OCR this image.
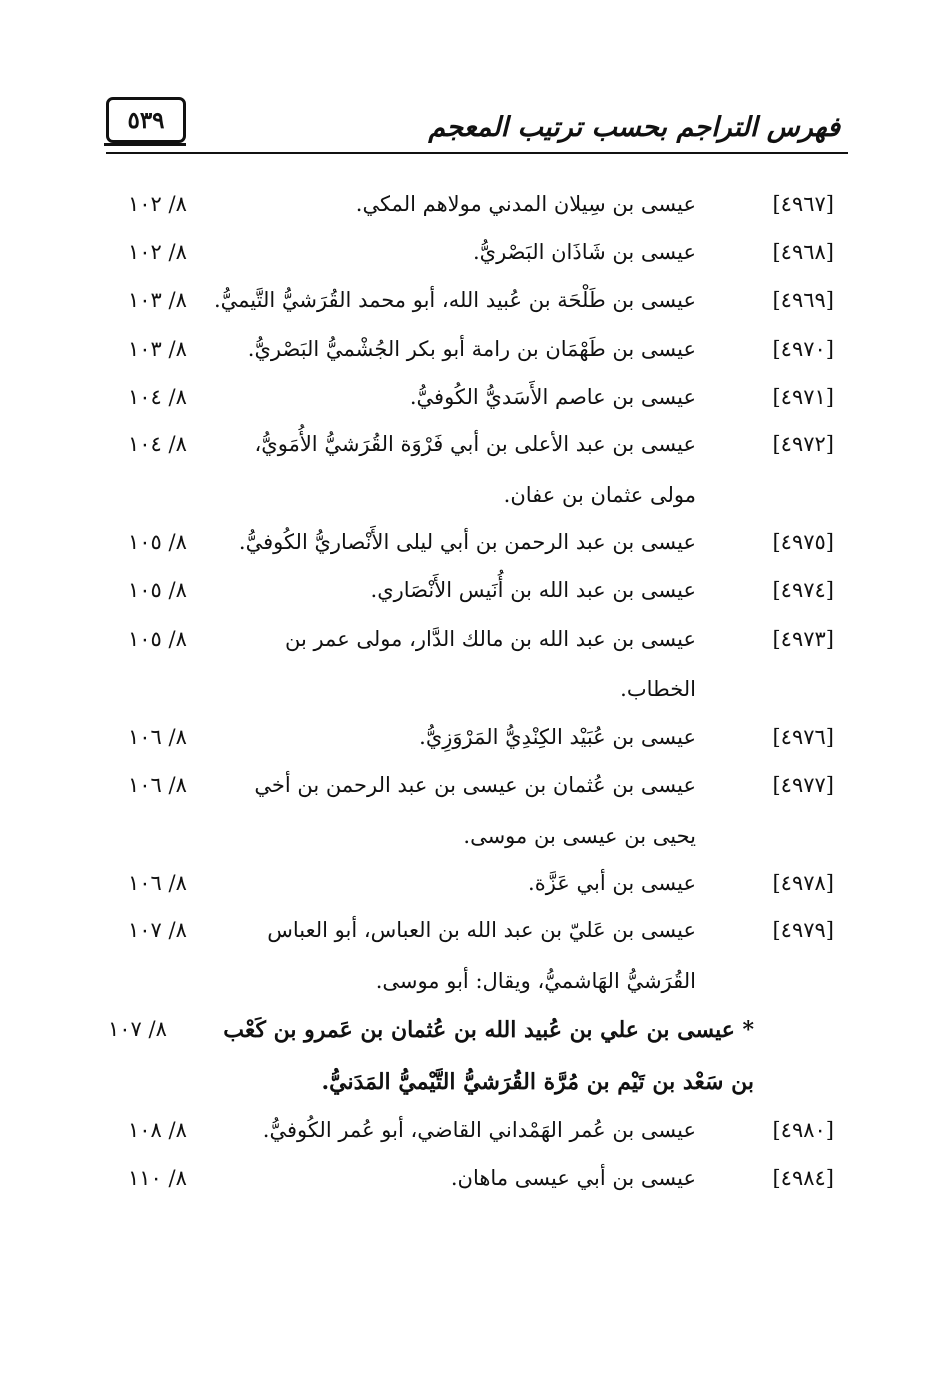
فهرس التراجم بحسب ترتيب المعجم
٥٣٩
[٤٩٦٧]
عيسى بن سِيلان المدني مولاهم المكي.
٨/ ١٠٢
[٤٩٦٨]
عيسى بن شَاذَان البَصْريُّ.
٨/ ١٠٢
[٤٩٦٩]
عيسى بن طَلْحَة بن عُبيد الله، أبو محمد القُرَشيُّ التَّيميُّ.
٨/ ١٠٣
[٤٩٧٠]
عيسى بن طَهْمَان بن رامة أبو بكر الجُشْميُّ البَصْريُّ.
٨/ ١٠٣
[٤٩٧١]
عيسى بن عاصم الأَسَديُّ الكُوفيُّ.
٨/ ١٠٤
[٤٩٧٢]
عيسى بن عبد الأعلى بن أبي فَرْوَة القُرَشيُّ الأُمَويُّ،
مولى عثمان بن عفان.
٨/ ١٠٤
[٤٩٧٥]
عيسى بن عبد الرحمن بن أبي ليلى الأَنْصاريُّ الكُوفيُّ.
٨/ ١٠٥
[٤٩٧٤]
عيسى بن عبد الله بن أُنَيس الأَنْصَاري.
٨/ ١٠٥
[٤٩٧٣]
عيسى بن عبد الله بن مالك الدَّار، مولى عمر بن
الخطاب.
٨/ ١٠٥
[٤٩٧٦]
عيسى بن عُبَيْد الكِنْدِيُّ المَرْوَزِيُّ.
٨/ ١٠٦
[٤٩٧٧]
عيسى بن عُثمان بن عيسى بن عبد الرحمن بن أخي
يحيى بن عيسى بن موسى.
٨/ ١٠٦
[٤٩٧٨]
عيسى بن أبي عَزَّة.
٨/ ١٠٦
[٤٩٧٩]
عيسى بن عَليّ بن عبد الله بن العباس، أبو العباس
القُرَشيُّ الهَاشميُّ، ويقال: أبو موسى.
٨/ ١٠٧
* عيسى بن علي بن عُبيد الله بن عُثمان بن عَمرو بن كَعْب
بن سَعْد بن تَيْم بن مُرَّة القُرَشيُّ التَّيْميُّ المَدَنيُّ.
٨/ ١٠٧
[٤٩٨٠]
عيسى بن عُمر الهَمْداني القاضي، أبو عُمر الكُوفيُّ.
٨/ ١٠٨
[٤٩٨٤]
عيسى بن أبي عيسى ماهان.
٨/ ١١٠
